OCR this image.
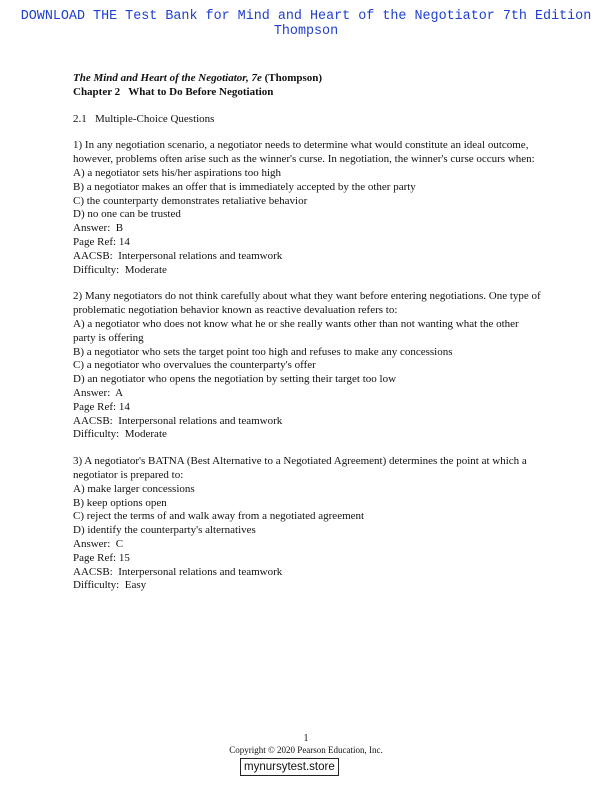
DOWNLOAD THE Test Bank for Mind and Heart of the Negotiator 7th Edition
Thompson
The Mind and Heart of the Negotiator, 7e (Thompson)
Chapter 2   What to Do Before Negotiation
2.1   Multiple-Choice Questions
1) In any negotiation scenario, a negotiator needs to determine what would constitute an ideal outcome, however, problems often arise such as the winner's curse. In negotiation, the winner's curse occurs when:
A) a negotiator sets his/her aspirations too high
B) a negotiator makes an offer that is immediately accepted by the other party
C) the counterparty demonstrates retaliative behavior
D) no one can be trusted
Answer:  B
Page Ref: 14
AACSB:  Interpersonal relations and teamwork
Difficulty:  Moderate
2) Many negotiators do not think carefully about what they want before entering negotiations. One type of problematic negotiation behavior known as reactive devaluation refers to:
A) a negotiator who does not know what he or she really wants other than not wanting what the other party is offering
B) a negotiator who sets the target point too high and refuses to make any concessions
C) a negotiator who overvalues the counterparty's offer
D) an negotiator who opens the negotiation by setting their target too low
Answer:  A
Page Ref: 14
AACSB:  Interpersonal relations and teamwork
Difficulty:  Moderate
3) A negotiator's BATNA (Best Alternative to a Negotiated Agreement) determines the point at which a negotiator is prepared to:
A) make larger concessions
B) keep options open
C) reject the terms of and walk away from a negotiated agreement
D) identify the counterparty's alternatives
Answer:  C
Page Ref: 15
AACSB:  Interpersonal relations and teamwork
Difficulty:  Easy
1
Copyright © 2020 Pearson Education, Inc.
mynursytest.store
